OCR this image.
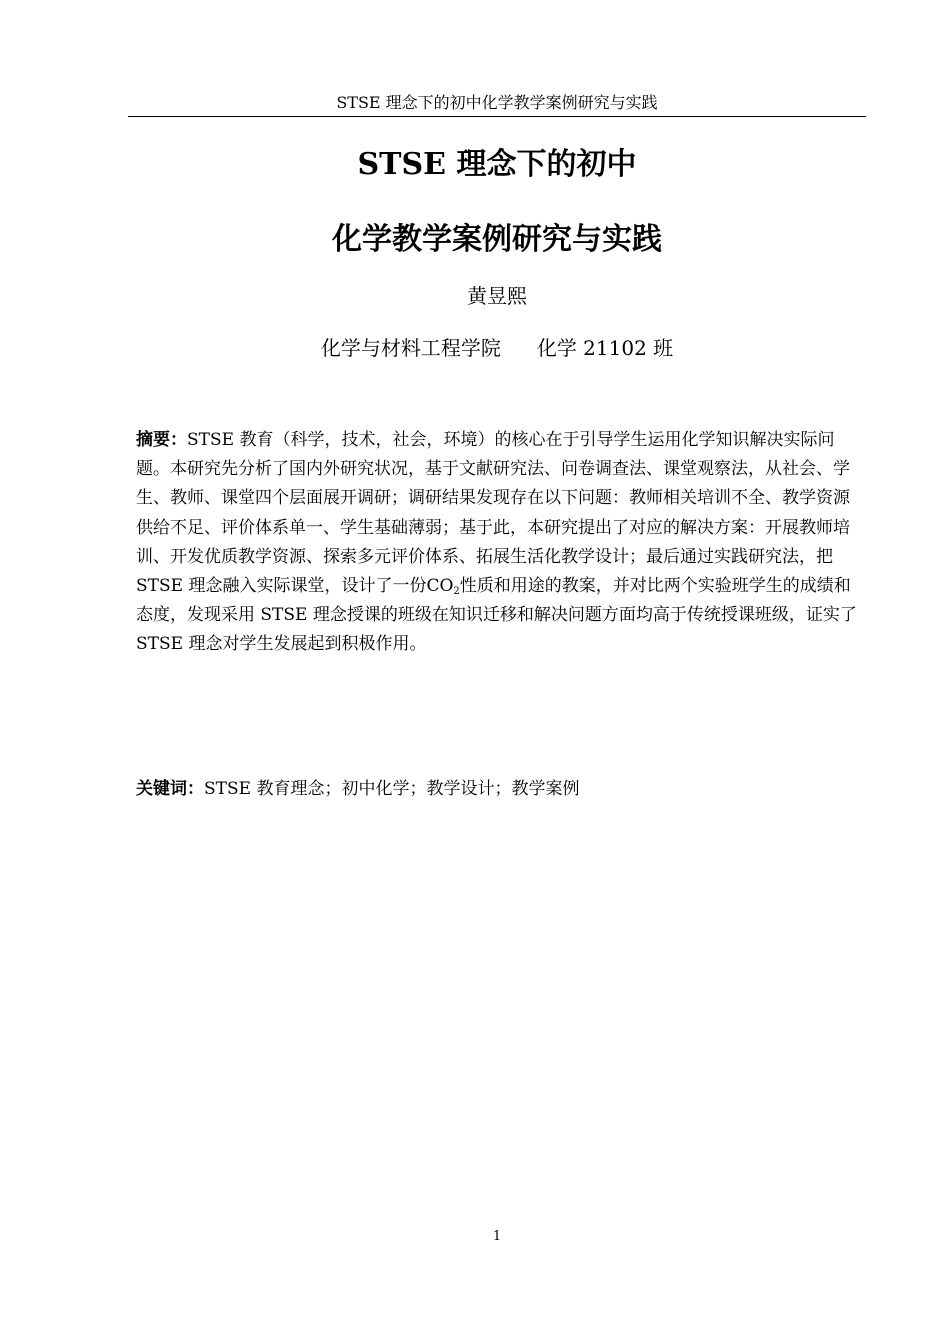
STSE 理念下的初中化学教学案例研究与实践
STSE 理念下的初中
化学教学案例研究与实践
黄昱熙
化学与材料工程学院 化学 21102 班

摘要：STSE 教育（科学，技术，社会，环境）的核心在于引导学生运用化学知识解决实际问题。本研究先分析了国内外研究状况，基于文献研究法、问卷调查法、课堂观察法，从社会、学生、教师、课堂四个层面展开调研；调研结果发现存在以下问题：教师相关培训不全、教学资源供给不足、评价体系单一、学生基础薄弱；基于此，本研究提出了对应的解决方案：开展教师培训、开发优质教学资源、探索多元评价体系、拓展生活化教学设计；最后通过实践研究法，把 STSE 理念融入实际课堂，设计了一份$CO_2$性质和用途的教案，并对比两个实验班学生的成绩和态度，发现采用 STSE 理念授课的班级在知识迁移和解决问题方面均高于传统授课班级，证实了 STSE 理念对学生发展起到积极作用。

关键词：STSE 教育理念；初中化学；教学设计；教学案例
1
